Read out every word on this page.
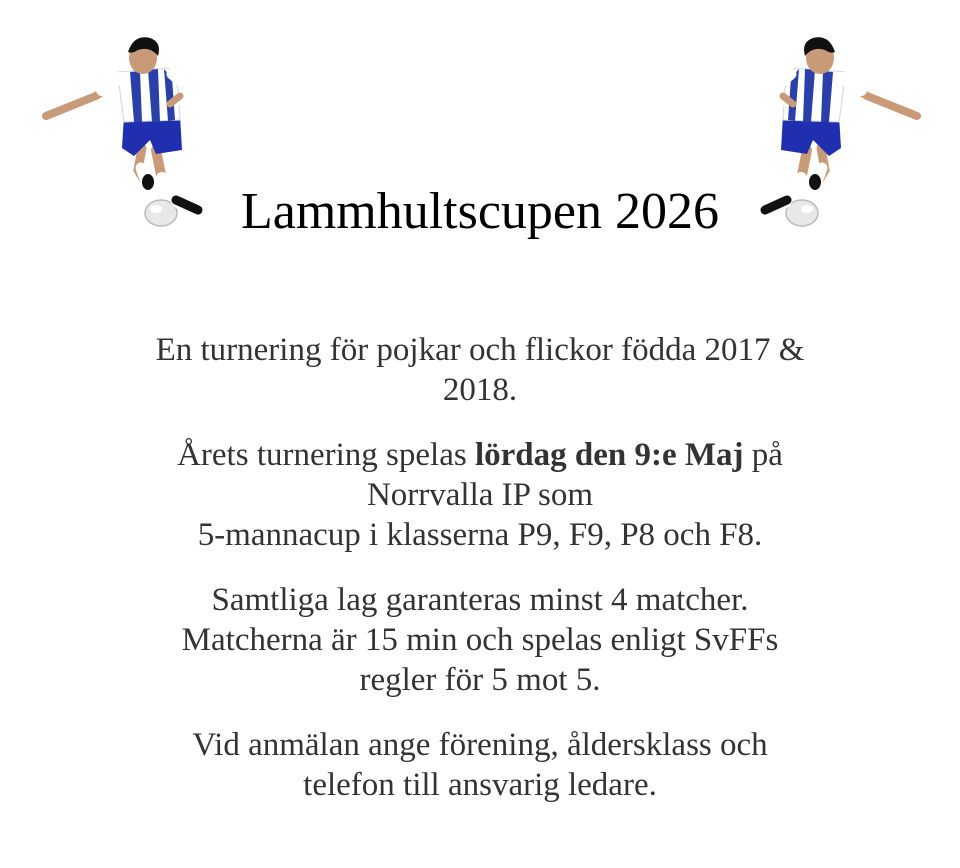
Lammhultscupen 2026

En turnering för pojkar och flickor födda 2017 &
2018.

Årets turnering spelas lördag den 9:e Maj på
Norrvalla IP som
5-mannacup i klasserna P9, F9, P8 och F8.

Samtliga lag garanteras minst 4 matcher.
Matcherna är 15 min och spelas enligt SvFFs
regler för 5 mot 5.

Vid anmälan ange förening, åldersklass och
telefon till ansvarig ledare.
